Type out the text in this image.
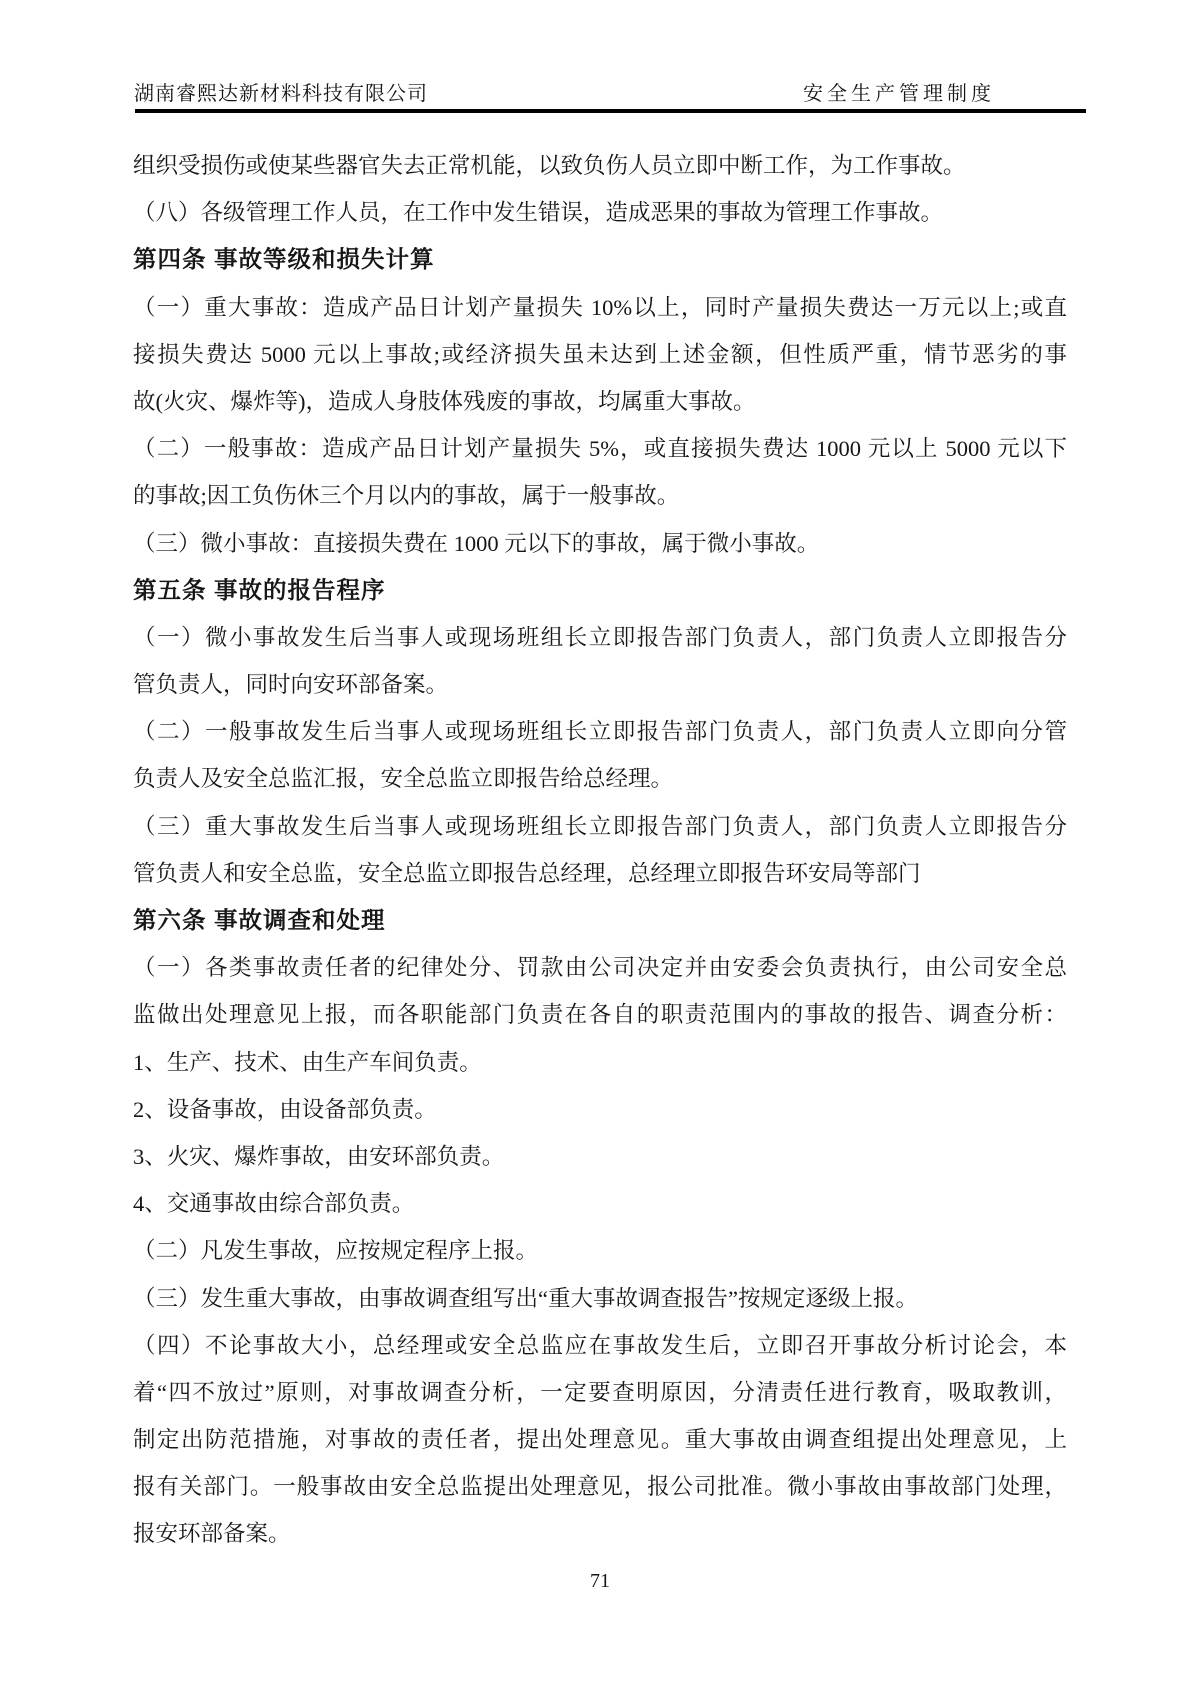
湖南睿熙达新材料科技有限公司	安全生产管理制度
组织受损伤或使某些器官失去正常机能，以致负伤人员立即中断工作，为工作事故。
（八）各级管理工作人员，在工作中发生错误，造成恶果的事故为管理工作事故。
第四条 事故等级和损失计算
（一）重大事故：造成产品日计划产量损失 10%以上，同时产量损失费达一万元以上;或直
接损失费达 5000 元以上事故;或经济损失虽未达到上述金额，但性质严重，情节恶劣的事
故(火灾、爆炸等)，造成人身肢体残废的事故，均属重大事故。
（二）一般事故：造成产品日计划产量损失 5%，或直接损失费达 1000 元以上 5000 元以下
的事故;因工负伤休三个月以内的事故，属于一般事故。
（三）微小事故：直接损失费在 1000 元以下的事故，属于微小事故。
第五条 事故的报告程序
（一）微小事故发生后当事人或现场班组长立即报告部门负责人，部门负责人立即报告分
管负责人，同时向安环部备案。
（二）一般事故发生后当事人或现场班组长立即报告部门负责人，部门负责人立即向分管
负责人及安全总监汇报，安全总监立即报告给总经理。
（三）重大事故发生后当事人或现场班组长立即报告部门负责人，部门负责人立即报告分
管负责人和安全总监，安全总监立即报告总经理，总经理立即报告环安局等部门
第六条 事故调查和处理
（一）各类事故责任者的纪律处分、罚款由公司决定并由安委会负责执行，由公司安全总
监做出处理意见上报，而各职能部门负责在各自的职责范围内的事故的报告、调查分析：
1、生产、技术、由生产车间负责。
2、设备事故，由设备部负责。
3、火灾、爆炸事故，由安环部负责。
4、交通事故由综合部负责。
（二）凡发生事故，应按规定程序上报。
（三）发生重大事故，由事故调查组写出“重大事故调查报告”按规定逐级上报。
（四）不论事故大小，总经理或安全总监应在事故发生后，立即召开事故分析讨论会，本
着“四不放过”原则，对事故调查分析，一定要查明原因，分清责任进行教育，吸取教训，
制定出防范措施，对事故的责任者，提出处理意见。重大事故由调查组提出处理意见，上
报有关部门。一般事故由安全总监提出处理意见，报公司批准。微小事故由事故部门处理，
报安环部备案。
71
